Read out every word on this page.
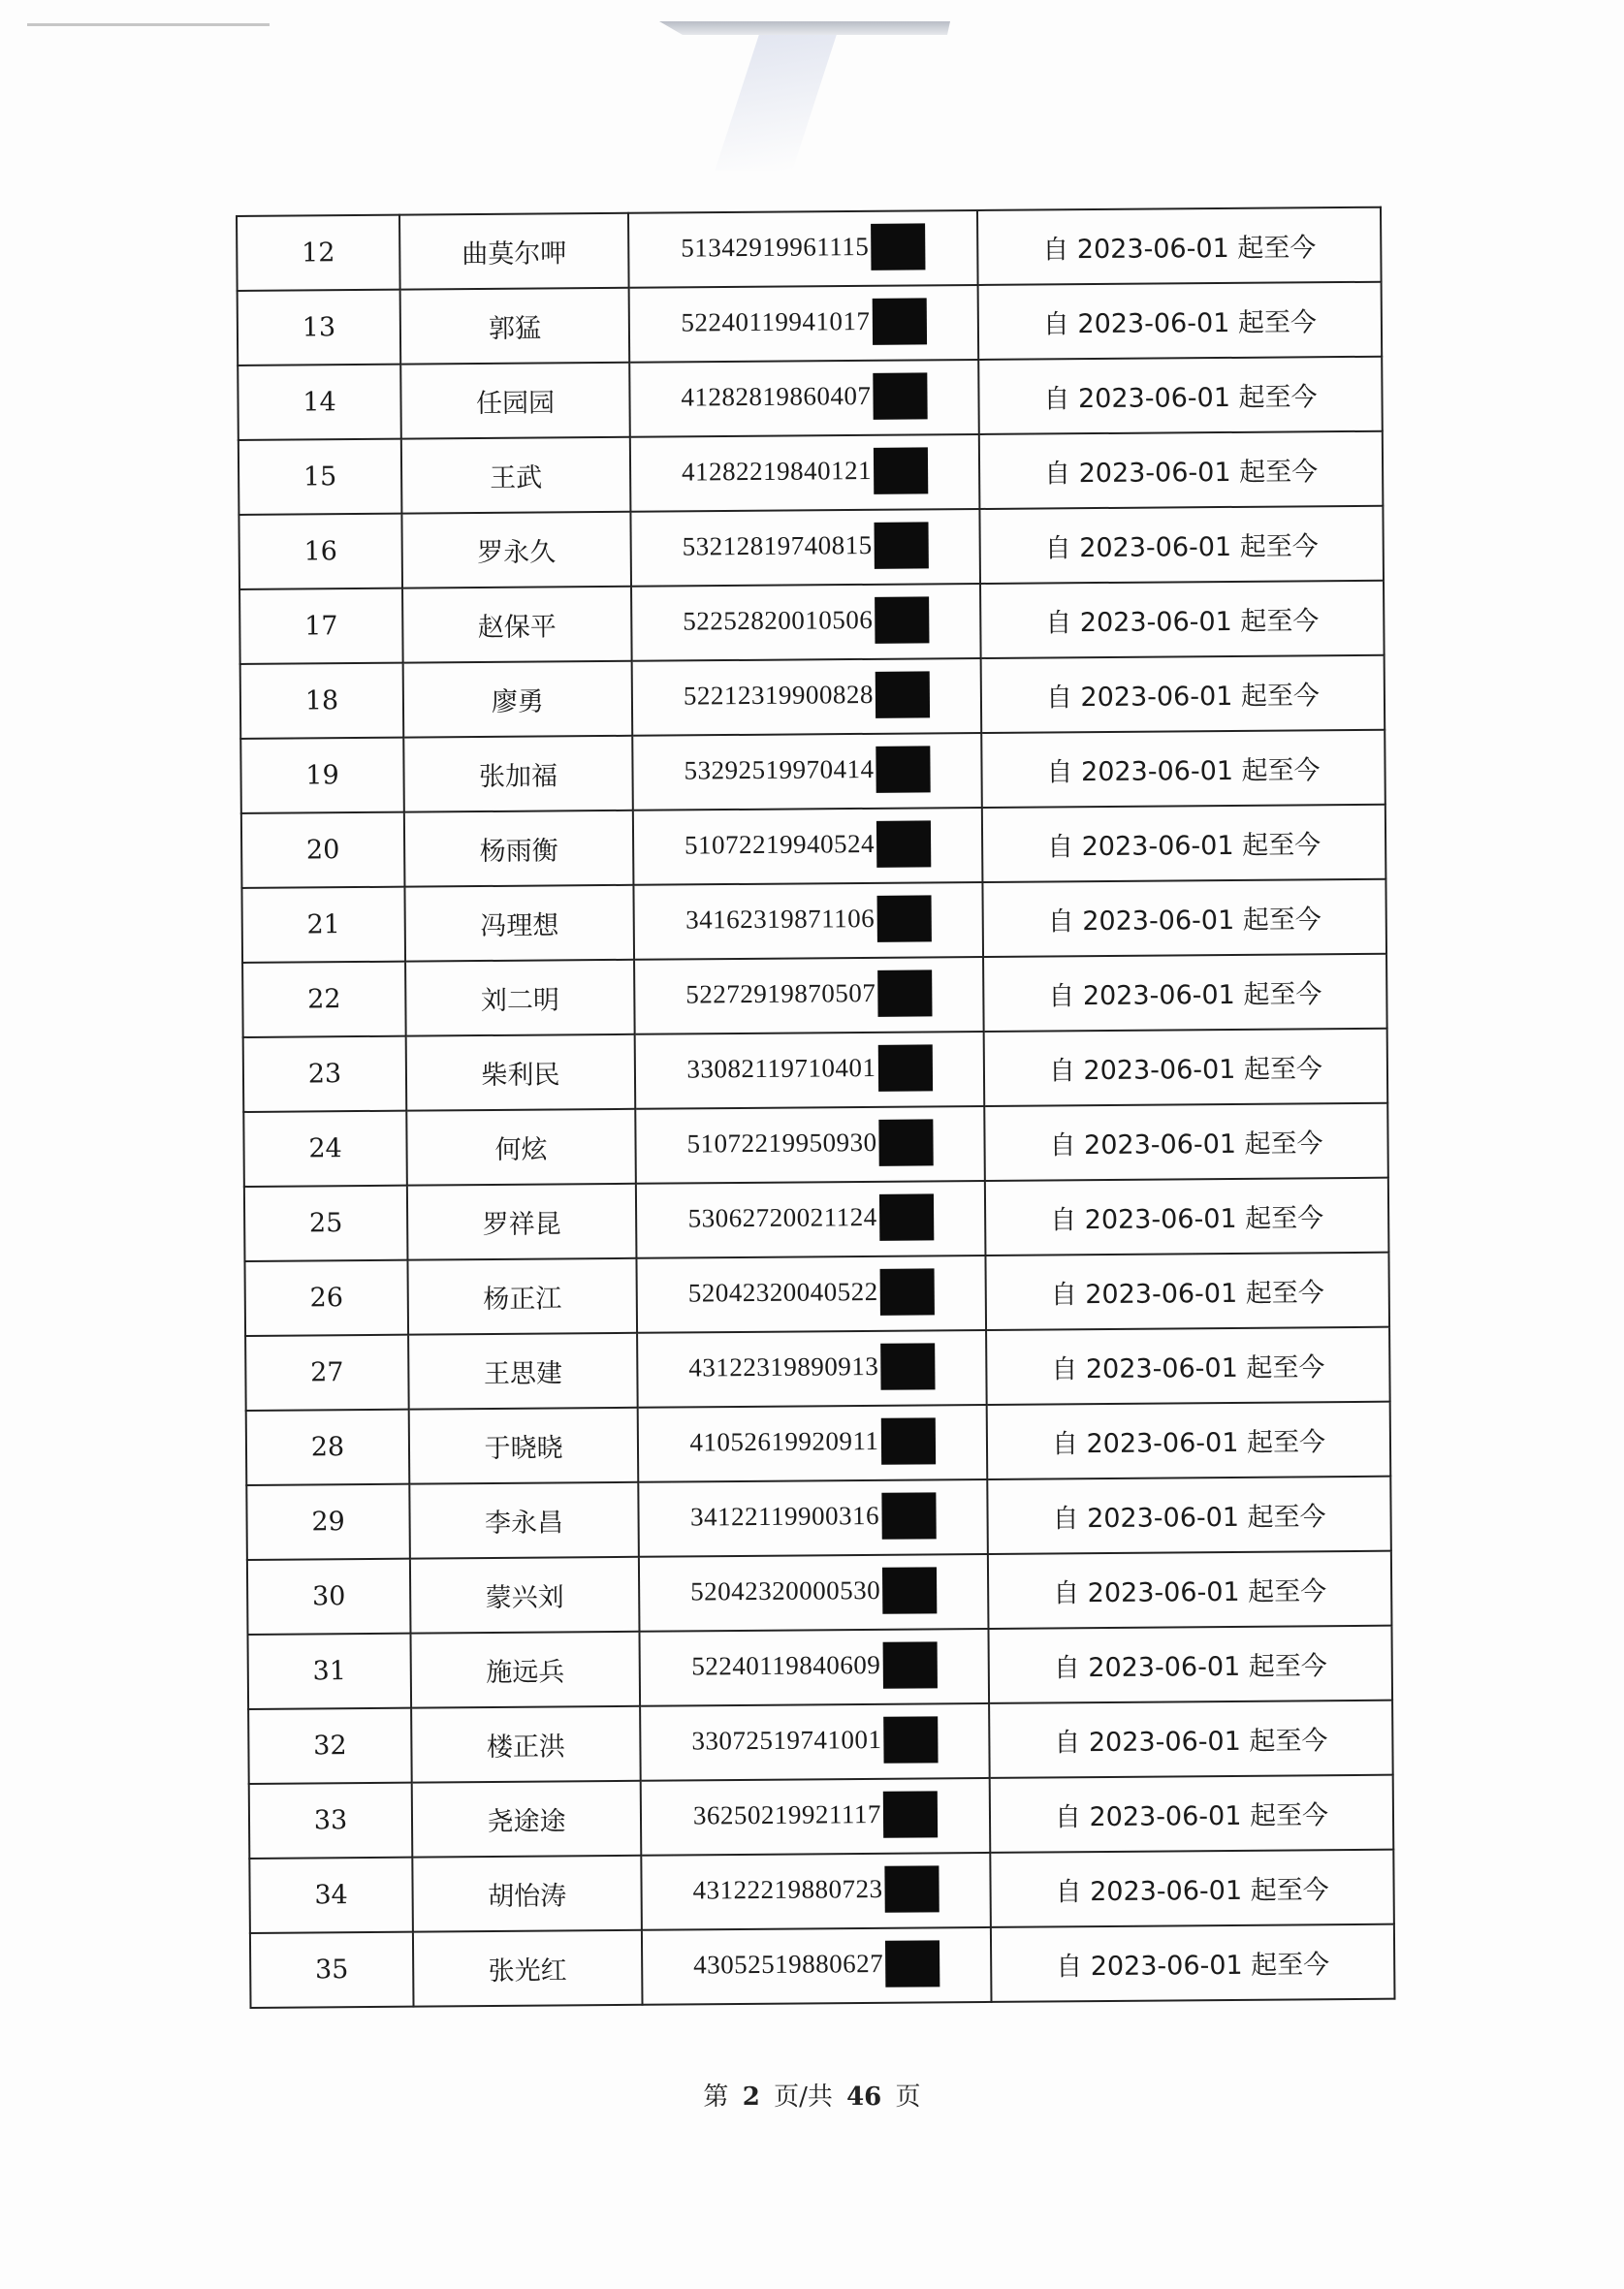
12	曲莫尔呷	51342919961115	自 2023-06-01 起至今
13	郭猛	52240119941017	自 2023-06-01 起至今
14	任园园	41282819860407	自 2023-06-01 起至今
15	王武	41282219840121	自 2023-06-01 起至今
16	罗永久	53212819740815	自 2023-06-01 起至今
17	赵保平	52252820010506	自 2023-06-01 起至今
18	廖勇	52212319900828	自 2023-06-01 起至今
19	张加福	53292519970414	自 2023-06-01 起至今
20	杨雨衡	51072219940524	自 2023-06-01 起至今
21	冯理想	34162319871106	自 2023-06-01 起至今
22	刘二明	52272919870507	自 2023-06-01 起至今
23	柴利民	33082119710401	自 2023-06-01 起至今
24	何炫	51072219950930	自 2023-06-01 起至今
25	罗祥昆	53062720021124	自 2023-06-01 起至今
26	杨正江	52042320040522	自 2023-06-01 起至今
27	王思建	43122319890913	自 2023-06-01 起至今
28	于晓晓	41052619920911	自 2023-06-01 起至今
29	李永昌	34122119900316	自 2023-06-01 起至今
30	蒙兴刘	52042320000530	自 2023-06-01 起至今
31	施远兵	52240119840609	自 2023-06-01 起至今
32	楼正洪	33072519741001	自 2023-06-01 起至今
33	尧途途	36250219921117	自 2023-06-01 起至今
34	胡怡涛	43122219880723	自 2023-06-01 起至今
35	张光红	43052519880627	自 2023-06-01 起至今
第 2 页/共 46 页
